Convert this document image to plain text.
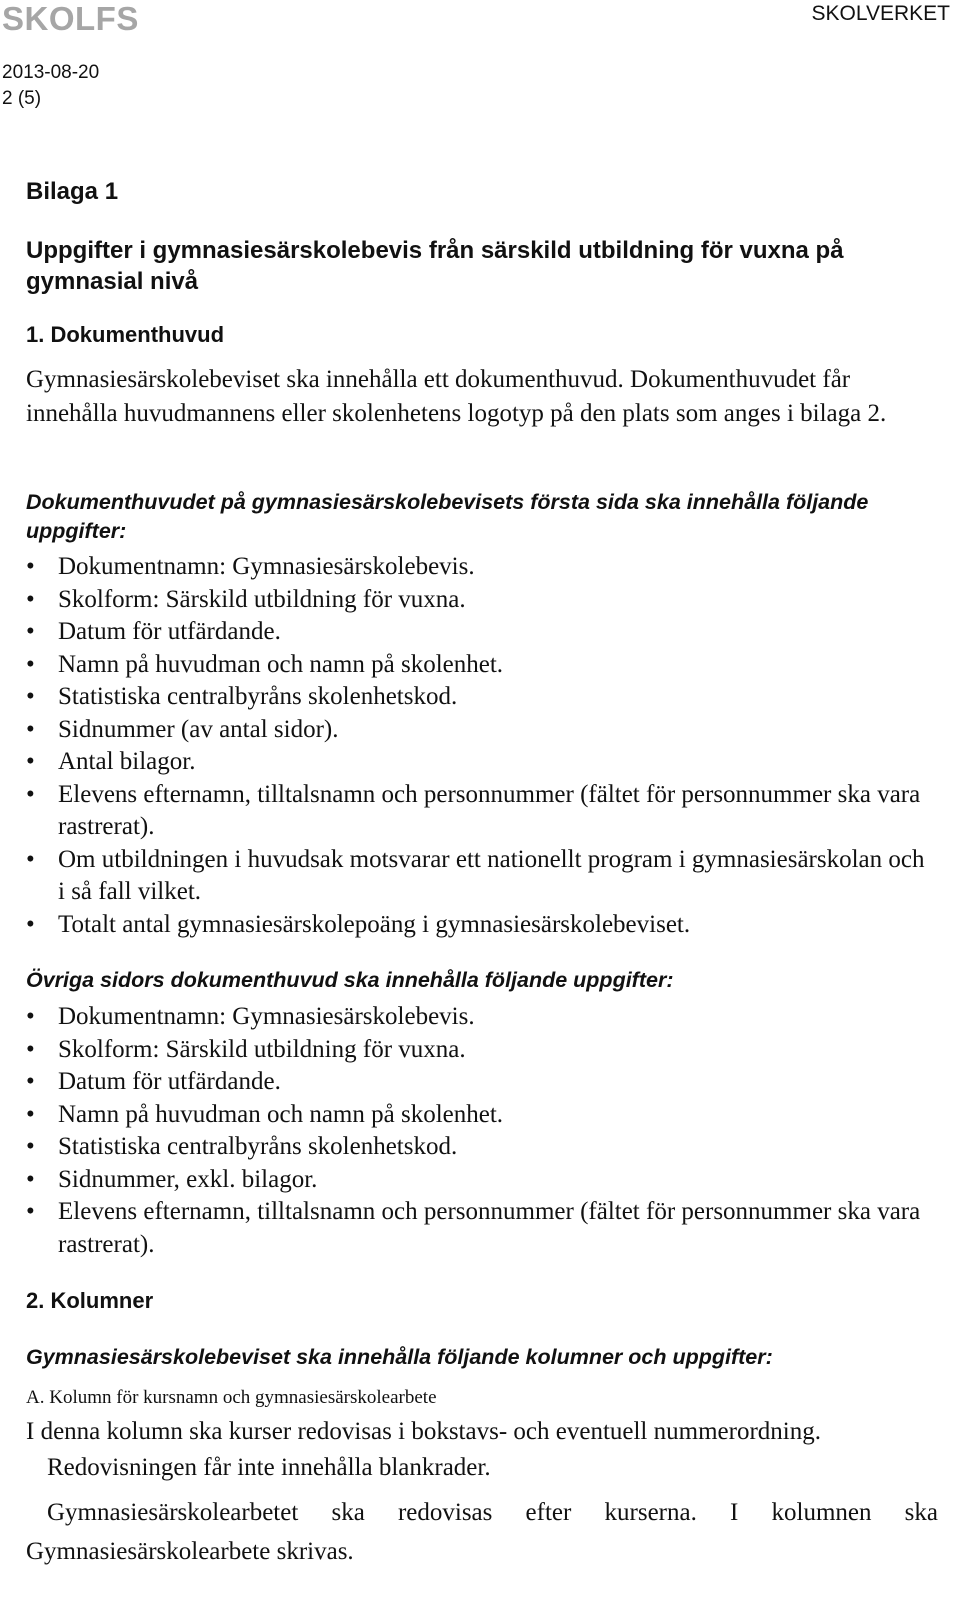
SKOLFS	SKOLVERKET
2013-08-20
2 (5)
Bilaga 1
Uppgifter i gymnasiesärskolebevis från särskild utbildning för vuxna på gymnasial nivå
1. Dokumenthuvud
Gymnasiesärskolebeviset ska innehålla ett dokumenthuvud. Dokumenthuvudet får innehålla huvudmannens eller skolenhetens logotyp på den plats som anges i bilaga 2.
Dokumenthuvudet på gymnasiesärskolebevisets första sida ska innehålla följande uppgifter:
• Dokumentnamn: Gymnasiesärskolebevis.
• Skolform: Särskild utbildning för vuxna.
• Datum för utfärdande.
• Namn på huvudman och namn på skolenhet.
• Statistiska centralbyråns skolenhetskod.
• Sidnummer (av antal sidor).
• Antal bilagor.
• Elevens efternamn, tilltalsnamn och personnummer (fältet för personnummer ska vara rastrerat).
• Om utbildningen i huvudsak motsvarar ett nationellt program i gymnasiesärskolan och i så fall vilket.
• Totalt antal gymnasiesärskolepoäng i gymnasiesärskolebeviset.
Övriga sidors dokumenthuvud ska innehålla följande uppgifter:
• Dokumentnamn: Gymnasiesärskolebevis.
• Skolform: Särskild utbildning för vuxna.
• Datum för utfärdande.
• Namn på huvudman och namn på skolenhet.
• Statistiska centralbyråns skolenhetskod.
• Sidnummer, exkl. bilagor.
• Elevens efternamn, tilltalsnamn och personnummer (fältet för personnummer ska vara rastrerat).
2. Kolumner
Gymnasiesärskolebeviset ska innehålla följande kolumner och uppgifter:
A. Kolumn för kursnamn och gymnasiesärskolearbete
I denna kolumn ska kurser redovisas i bokstavs- och eventuell nummerordning.
Redovisningen får inte innehålla blankrader.
Gymnasiesärskolearbetet ska redovisas efter kurserna. I kolumnen ska Gymnasiesärskolearbete skrivas.
